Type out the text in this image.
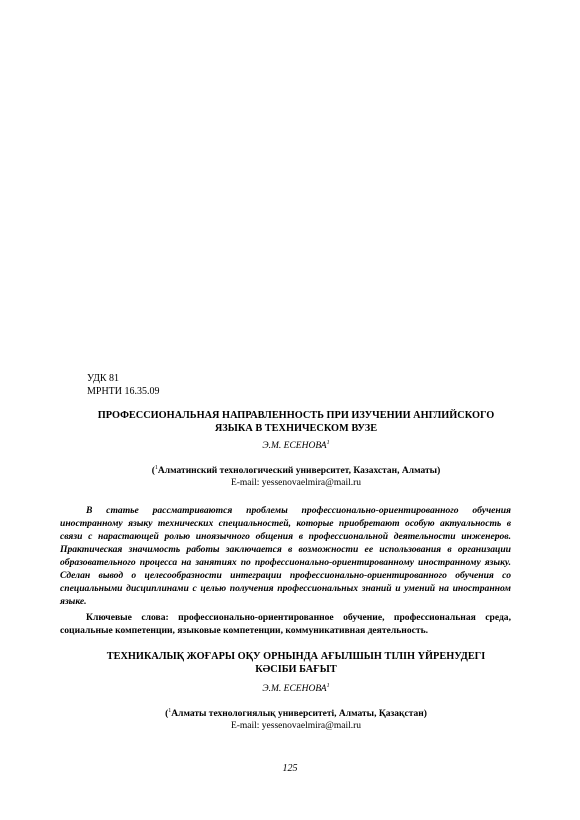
УДК 81
МРНТИ 16.35.09
ПРОФЕССИОНАЛЬНАЯ НАПРАВЛЕННОСТЬ ПРИ ИЗУЧЕНИИ АНГЛИЙСКОГО
ЯЗЫКА В ТЕХНИЧЕСКОМ ВУЗЕ
Э.М. ЕСЕНОВА$^1$
($^1$Алматинский технологический университет, Казахстан, Алматы)
E-mail: yessenovaelmira@mail.ru

В статье рассматриваются проблемы профессионально-ориентированного обучения иностранному языку технических специальностей, которые приобретают особую актуальность в связи с нарастающей ролью иноязычного общения в профессиональной деятельности инженеров. Практическая значимость работы заключается в возможности ее использования в организации образовательного процесса на занятиях по профессионально-ориентированному иностранному языку. Сделан вывод о целесообразности интеграции профессионально-ориентированного обучения со специальными дисциплинами с целью получения профессиональных знаний и умений на иностранном языке.

Ключевые слова: профессионально-ориентированное обучение, профессиональная среда, социальные компетенции, языковые компетенции, коммуникативная деятельность.

ТЕХНИКАЛЫҚ ЖОҒАРЫ ОҚУ ОРНЫНДА АҒЫЛШЫН ТІЛІН ҮЙРЕНУДЕГІ
КӘСІБИ БАҒЫТ
Э.М. ЕСЕНОВА$^1$
($^1$Алматы технологиялық университеті, Алматы, Қазақстан)
E-mail: yessenovaelmira@mail.ru
125
